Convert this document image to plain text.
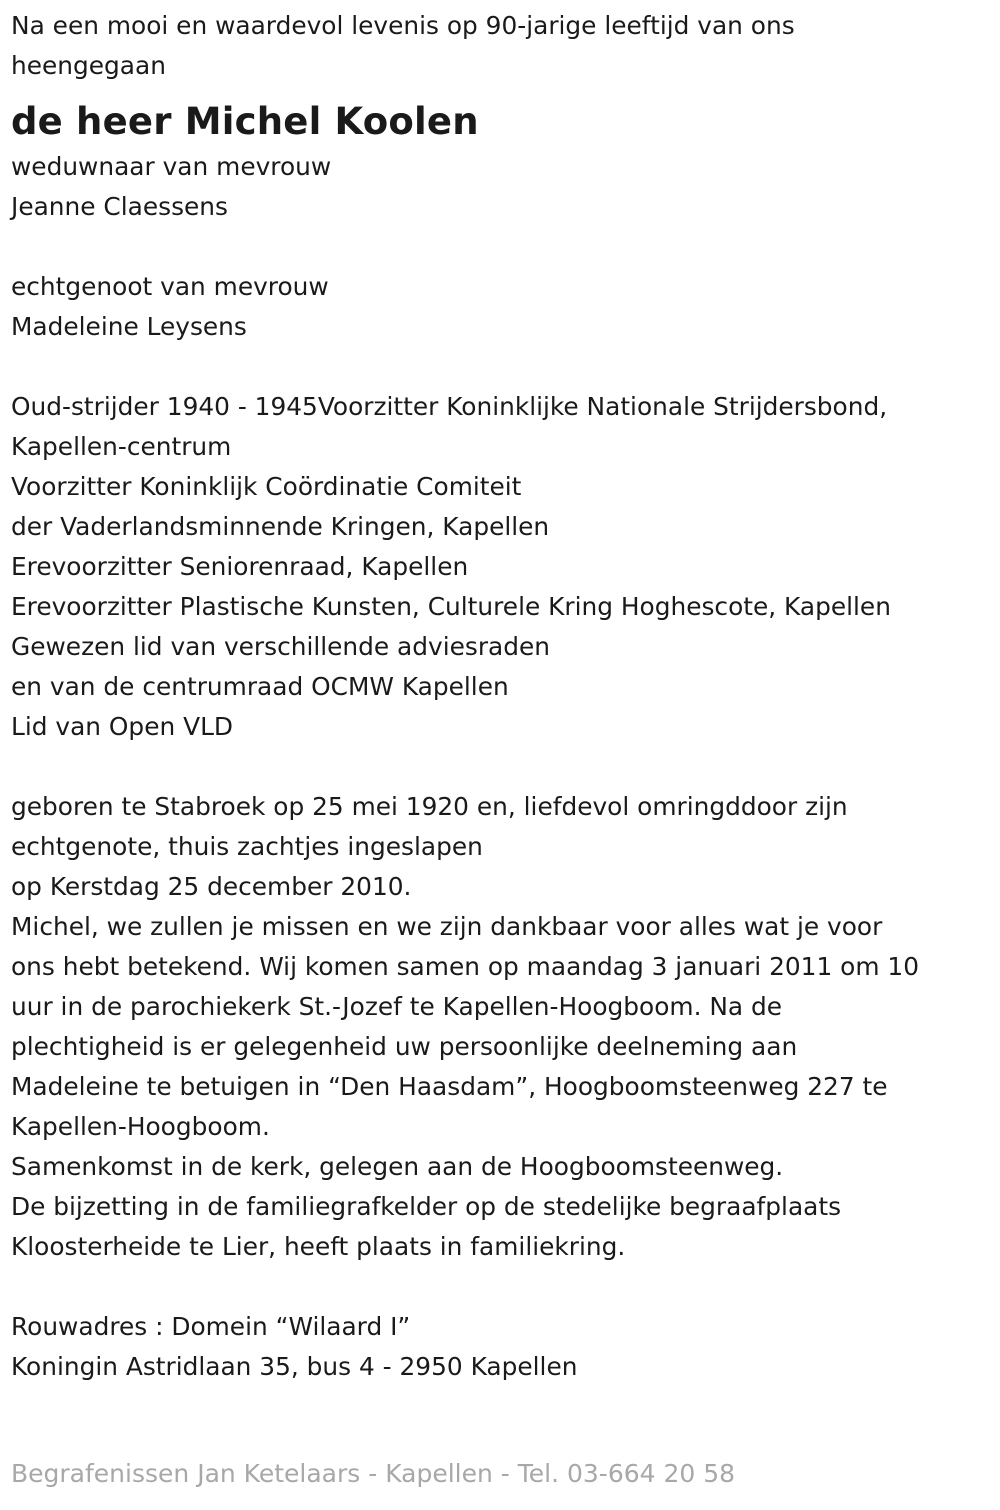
Na een mooi en waardevol levenis op 90-jarige leeftijd van ons heengegaan
de heer Michel Koolen
weduwnaar van mevrouw Jeanne Claessens
echtgenoot van mevrouw Madeleine Leysens
Oud-strijder 1940 - 1945Voorzitter Koninklijke Nationale Strijdersbond, Kapellen-centrum Voorzitter Koninklijk Coördinatie Comiteit der Vaderlandsminnende Kringen, Kapellen Erevoorzitter Seniorenraad, Kapellen Erevoorzitter Plastische Kunsten, Culturele Kring Hoghescote, Kapellen Gewezen lid van verschillende adviesraden en van de centrumraad OCMW Kapellen Lid van Open VLD
geboren te Stabroek op 25 mei 1920 en, liefdevol omringddoor zijn echtgenote, thuis zachtjes ingeslapen op Kerstdag 25 december 2010. Michel, we zullen je missen en we zijn dankbaar voor alles wat je voor ons hebt betekend. Wij komen samen op maandag 3 januari 2011 om 10 uur in de parochiekerk St.-Jozef te Kapellen-Hoogboom. Na de plechtigheid is er gelegenheid uw persoonlijke deelneming aan Madeleine te betuigen in “Den Haasdam”, Hoogboomsteenweg 227 te Kapellen-Hoogboom. Samenkomst in de kerk, gelegen aan de Hoogboomsteenweg. De bijzetting in de familiegrafkelder op de stedelijke begraafplaats Kloosterheide te Lier, heeft plaats in familiekring.
Rouwadres : Domein “Wilaard I” Koningin Astridlaan 35, bus 4 - 2950 Kapellen
Begrafenissen Jan Ketelaars - Kapellen - Tel. 03-664 20 58
